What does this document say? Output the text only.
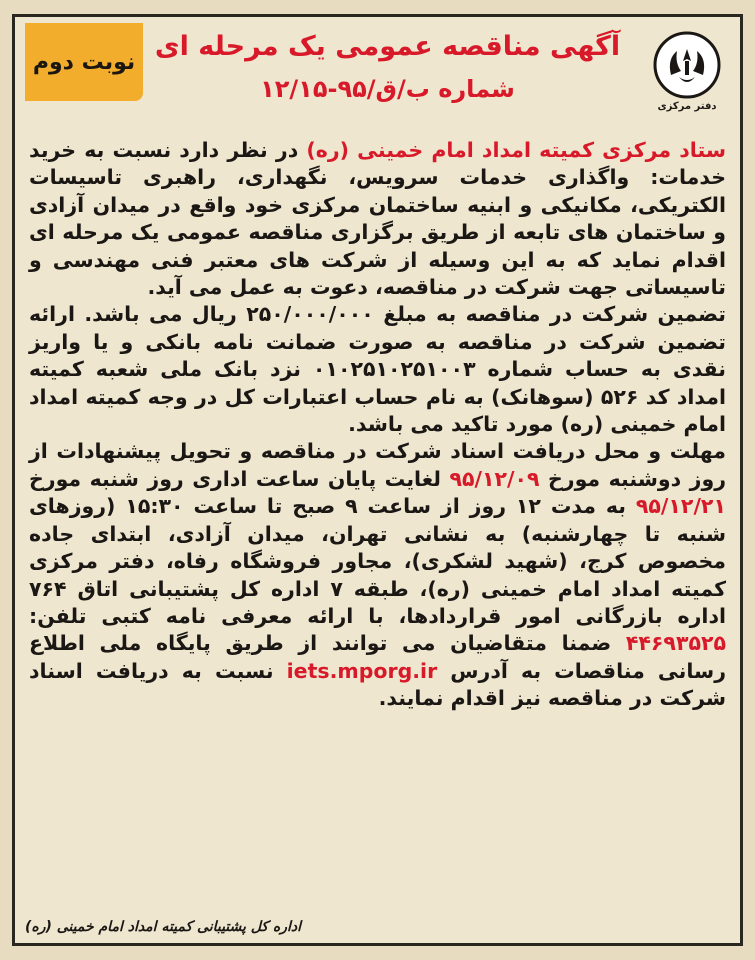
دفتر مرکزی
آگهی مناقصه عمومی یک مرحله ای
شماره ب/ق/۹۵-۱۲/۱۵
نوبت دوم
ستاد مرکزی کمیته امداد امام خمینی (ره) در نظر دارد نسبت به خرید خدمات: واگذاری خدمات سرویس، نگهداری، راهبری تاسیسات الکتریکی، مکانیکی و ابنیه ساختمان مرکزی خود واقع در میدان آزادی و ساختمان های تابعه از طریق برگزاری مناقصه عمومی یک مرحله ای اقدام نماید که به این وسیله از شرکت های معتبر فنی مهندسی و تاسیساتی جهت شرکت در مناقصه، دعوت به عمل می آید.
تضمین شرکت در مناقصه به مبلغ ۲۵۰/۰۰۰/۰۰۰ ریال می باشد. ارائه تضمین شرکت در مناقصه به صورت ضمانت نامه بانکی و یا واریز نقدی به حساب شماره ۰۱۰۲۵۱۰۲۵۱۰۰۳ نزد بانک ملی شعبه کمیته امداد کد ۵۲۶ (سوهانک) به نام حساب اعتبارات کل در وجه کمیته امداد امام خمینی (ره) مورد تاکید می باشد.
مهلت و محل دریافت اسناد شرکت در مناقصه و تحویل پیشنهادات از روز دوشنبه مورخ ۹۵/۱۲/۰۹ لغایت پایان ساعت اداری روز شنبه مورخ ۹۵/۱۲/۲۱ به مدت ۱۲ روز از ساعت ۹ صبح تا ساعت ۱۵:۳۰ (روزهای شنبه تا چهارشنبه) به نشانی تهران، میدان آزادی، ابتدای جاده مخصوص کرج، (شهید لشکری)، مجاور فروشگاه رفاه، دفتر مرکزی کمیته امداد امام خمینی (ره)، طبقه ۷ اداره کل پشتیبانی اتاق ۷۶۴ اداره بازرگانی امور قراردادها، با ارائه معرفی نامه کتبی تلفن: ۴۴۶۹۳۵۲۵ ضمنا متقاضیان می توانند از طریق پایگاه ملی اطلاع رسانی مناقصات به آدرس iets.mporg.ir نسبت به دریافت اسناد شرکت در مناقصه نیز اقدام نمایند.
اداره کل پشتیبانی کمیته امداد امام خمینی (ره)
